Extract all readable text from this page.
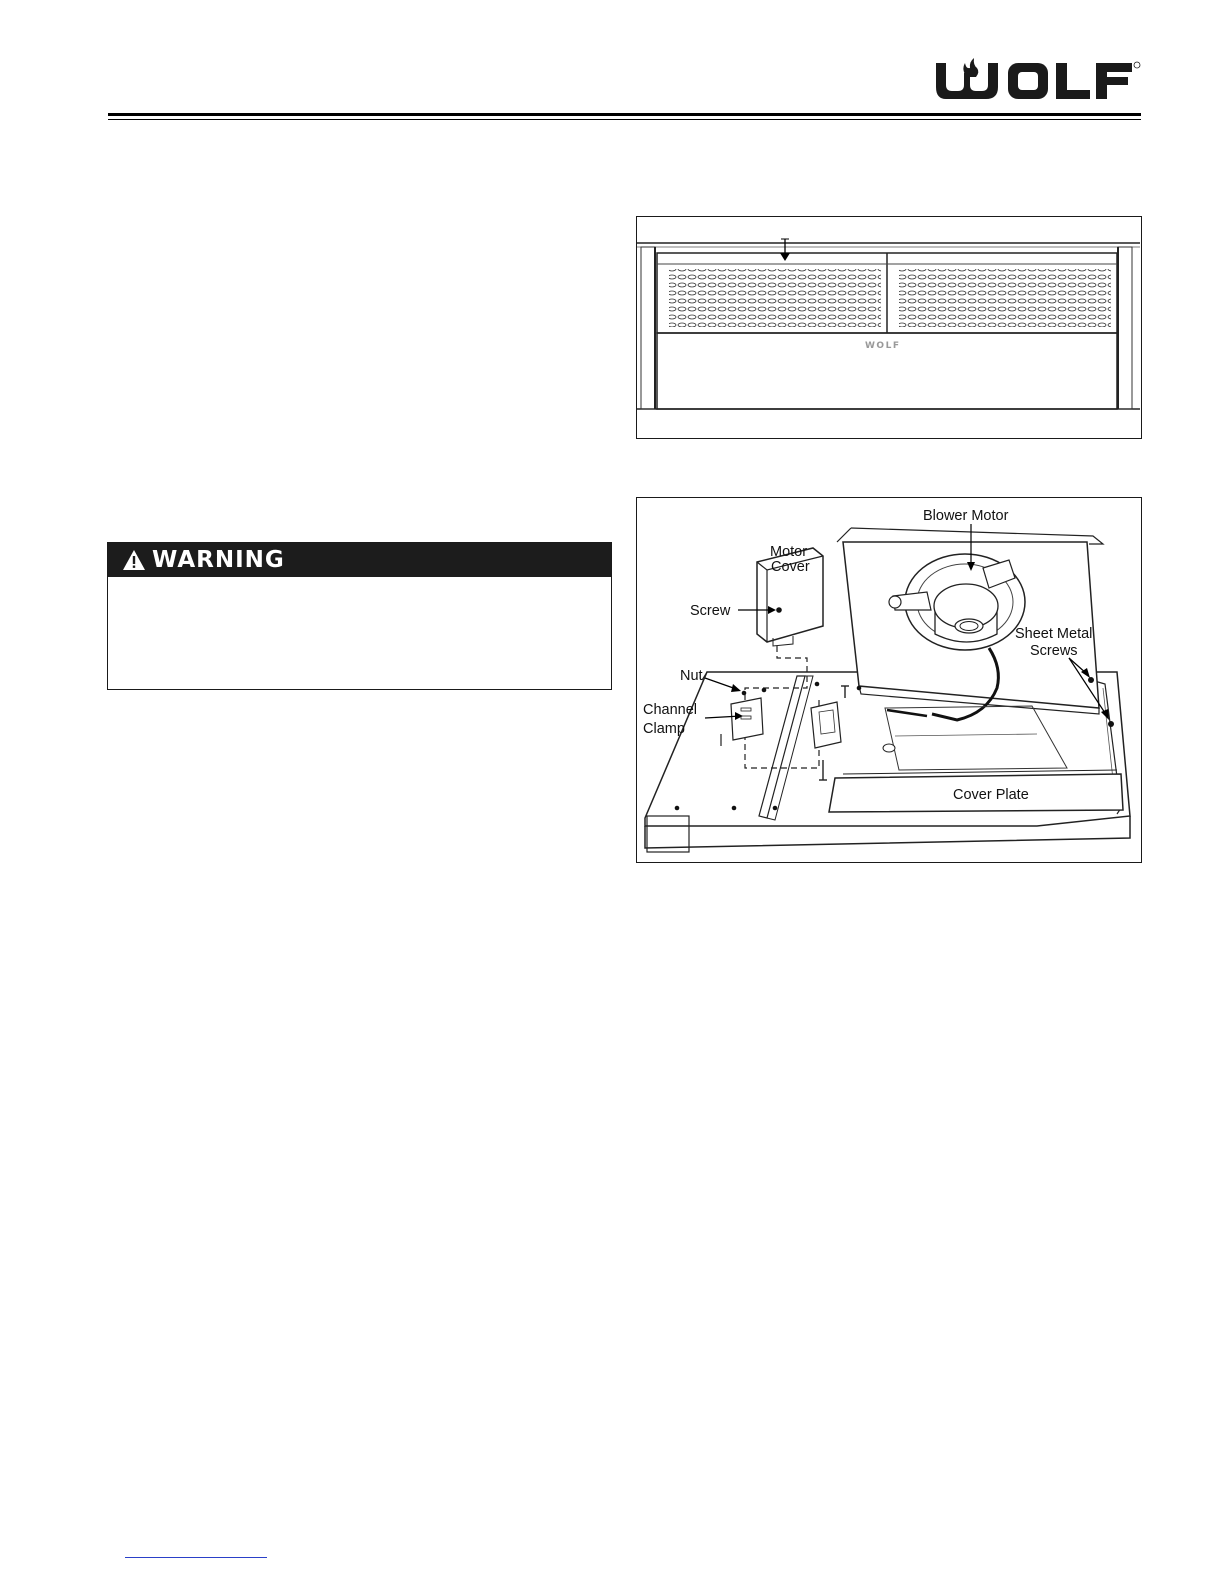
WOLF
WARNING
Blower Motor
Motor
Cover
Screw
Sheet Metal
Screws
Nut
Channel
Clamp
Cover Plate
